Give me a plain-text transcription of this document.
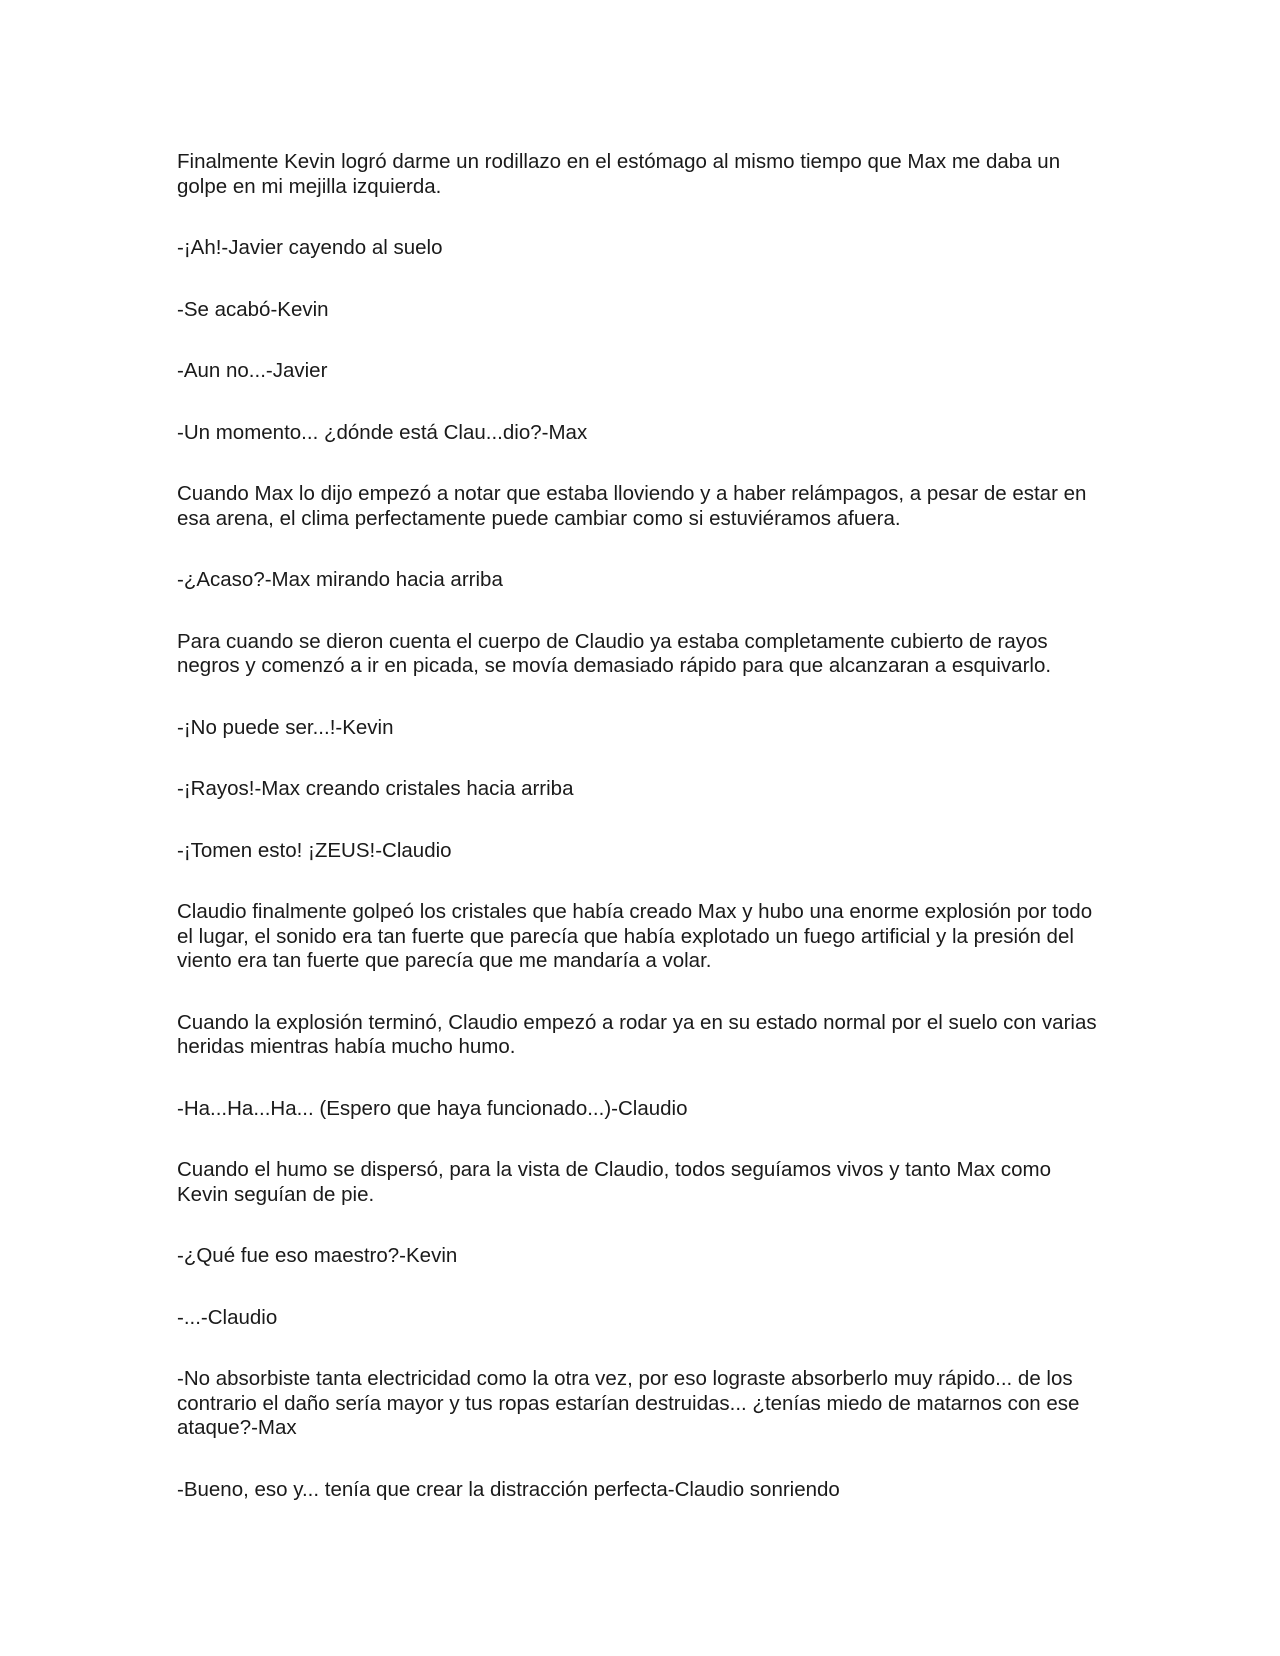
Finalmente Kevin logró darme un rodillazo en el estómago al mismo tiempo que Max me daba un golpe en mi mejilla izquierda.

-¡Ah!-Javier cayendo al suelo

-Se acabó-Kevin

-Aun no...-Javier

-Un momento... ¿dónde está Clau...dio?-Max

Cuando Max lo dijo empezó a notar que estaba lloviendo y a haber relámpagos, a pesar de estar en esa arena, el clima perfectamente puede cambiar como si estuviéramos afuera.

-¿Acaso?-Max mirando hacia arriba

Para cuando se dieron cuenta el cuerpo de Claudio ya estaba completamente cubierto de rayos negros y comenzó a ir en picada, se movía demasiado rápido para que alcanzaran a esquivarlo.

-¡No puede ser...!-Kevin

-¡Rayos!-Max creando cristales hacia arriba

-¡Tomen esto! ¡ZEUS!-Claudio

Claudio finalmente golpeó los cristales que había creado Max y hubo una enorme explosión por todo el lugar, el sonido era tan fuerte que parecía que había explotado un fuego artificial y la presión del viento era tan fuerte que parecía que me mandaría a volar.

Cuando la explosión terminó, Claudio empezó a rodar ya en su estado normal por el suelo con varias heridas mientras había mucho humo.

-Ha...Ha...Ha... (Espero que haya funcionado...)-Claudio

Cuando el humo se dispersó, para la vista de Claudio, todos seguíamos vivos y tanto Max como Kevin seguían de pie.

-¿Qué fue eso maestro?-Kevin

-...-Claudio

-No absorbiste tanta electricidad como la otra vez, por eso lograste absorberlo muy rápido... de los contrario el daño sería mayor y tus ropas estarían destruidas... ¿tenías miedo de matarnos con ese ataque?-Max

-Bueno, eso y... tenía que crear la distracción perfecta-Claudio sonriendo
